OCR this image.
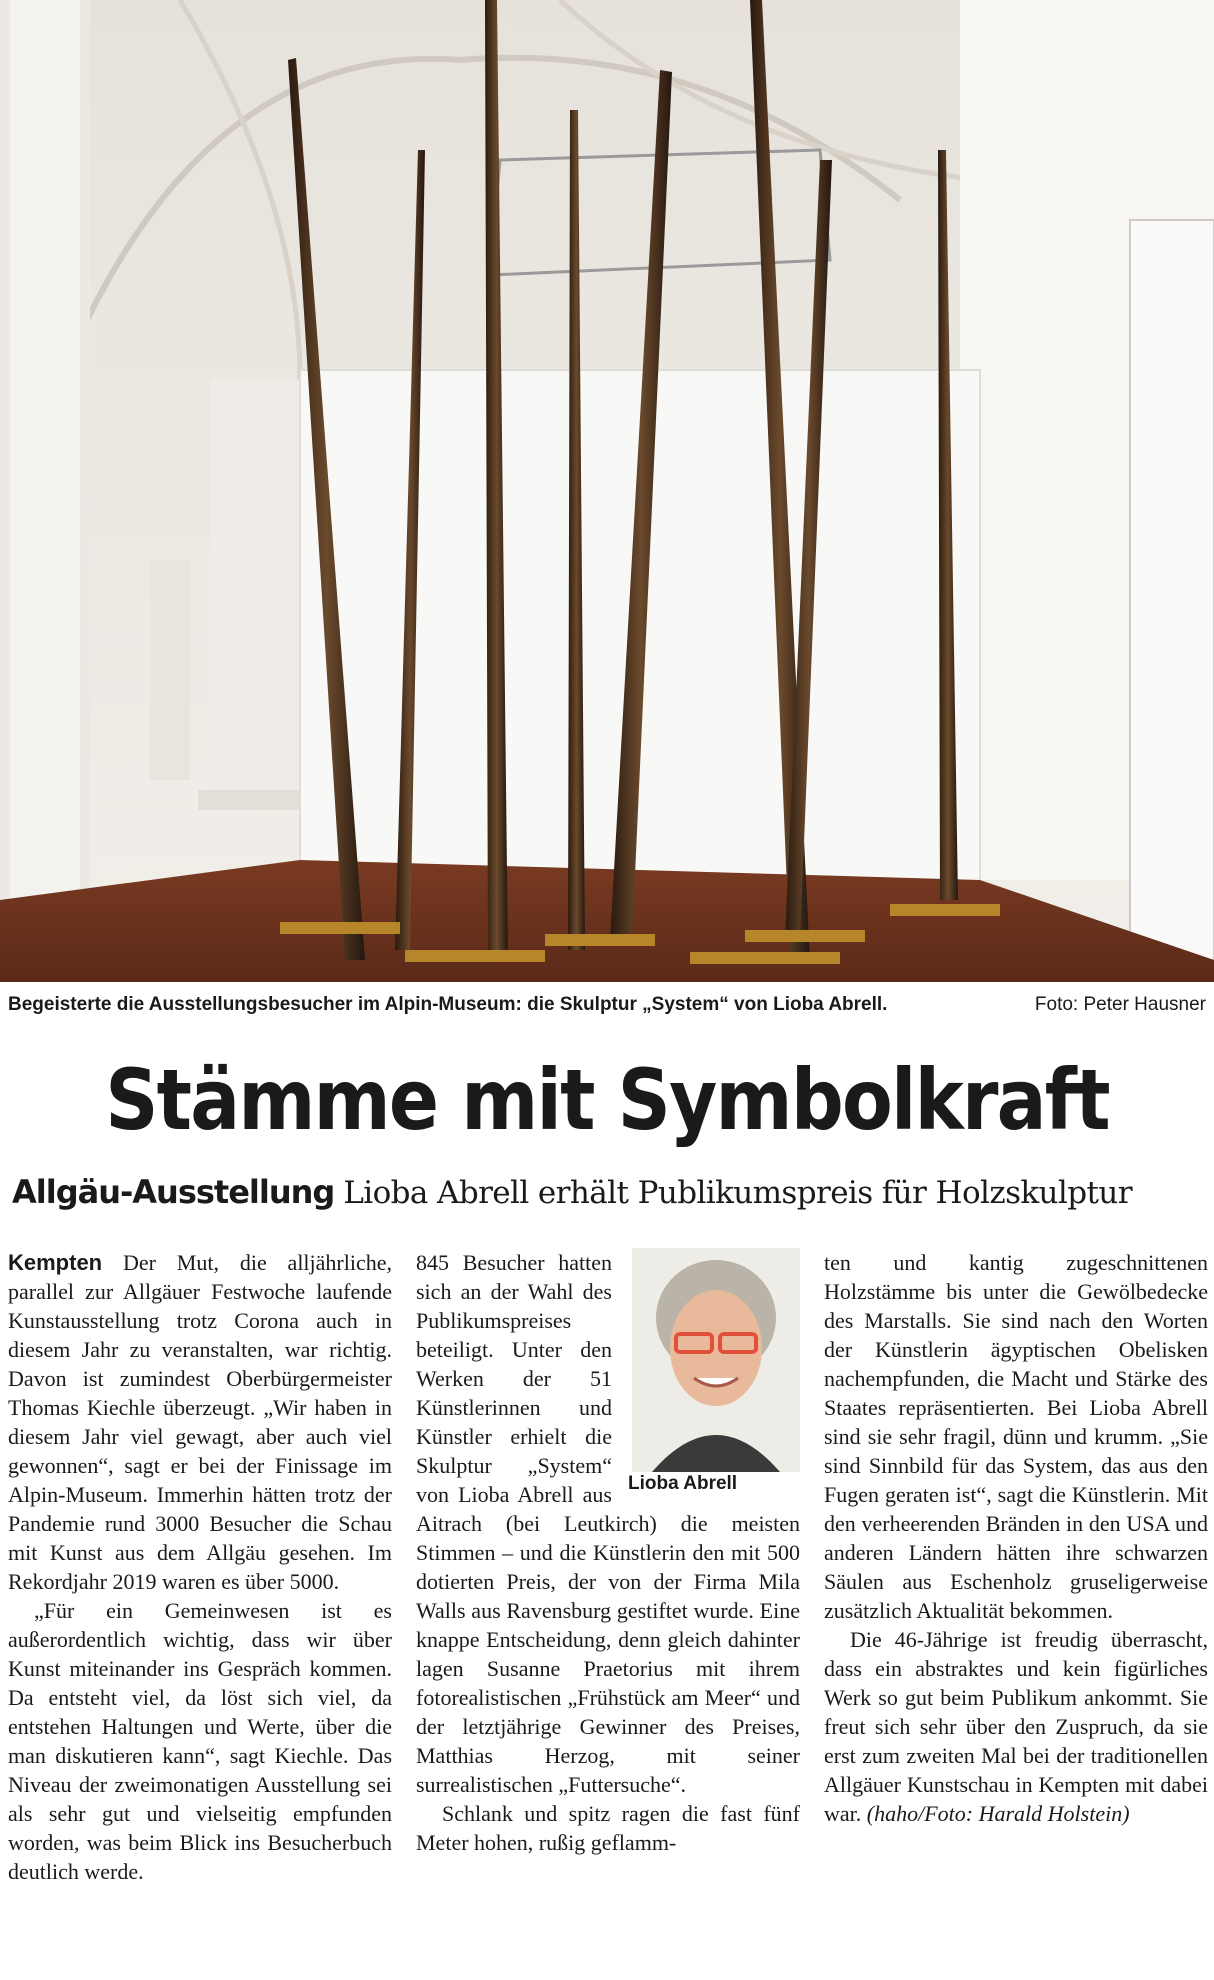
Begeisterte die Ausstellungsbesucher im Alpin-Museum: die Skulptur „System“ von Lioba Abrell.	Foto: Peter Hausner
Stämme mit Symbolkraft
Allgäu-Ausstellung Lioba Abrell erhält Publikumspreis für Holzskulptur

Kempten Der Mut, die alljährliche, parallel zur Allgäuer Festwoche laufende Kunstausstellung trotz Corona auch in diesem Jahr zu veranstalten, war richtig. Davon ist zumindest Oberbürgermeister Thomas Kiechle überzeugt. „Wir haben in diesem Jahr viel gewagt, aber auch viel gewonnen“, sagt er bei der Finissage im Alpin-Museum. Immerhin hätten trotz der Pandemie rund 3000 Besucher die Schau mit Kunst aus dem Allgäu gesehen. Im Rekordjahr 2019 waren es über 5000.

„Für ein Gemeinwesen ist es außerordentlich wichtig, dass wir über Kunst miteinander ins Gespräch kommen. Da entsteht viel, da löst sich viel, da entstehen Haltungen und Werte, über die man diskutieren kann“, sagt Kiechle. Das Niveau der zweimonatigen Ausstellung sei als sehr gut und vielseitig empfunden worden, was beim Blick ins Besucherbuch deutlich werde.

Lioba Abrell
845 Besucher hatten sich an der Wahl des Publikumspreises beteiligt. Unter den Werken der 51 Künstlerinnen und Künstler erhielt die Skulptur „System“ von Lioba Abrell aus Aitrach (bei Leutkirch) die meisten Stimmen – und die Künstlerin den mit 500 dotierten Preis, der von der Firma Mila Walls aus Ravensburg gestiftet wurde. Eine knappe Entscheidung, denn gleich dahinter lagen Susanne Praetorius mit ihrem fotorealistischen „Frühstück am Meer“ und der letztjährige Gewinner des Preises, Matthias Herzog, mit seiner surrealistischen „Futtersuche“.

Schlank und spitz ragen die fast fünf Meter hohen, rußig geflamm-

ten und kantig zugeschnittenen Holzstämme bis unter die Gewölbedecke des Marstalls. Sie sind nach den Worten der Künstlerin ägyptischen Obelisken nachempfunden, die Macht und Stärke des Staates repräsentierten. Bei Lioba Abrell sind sie sehr fragil, dünn und krumm. „Sie sind Sinnbild für das System, das aus den Fugen geraten ist“, sagt die Künstlerin. Mit den verheerenden Bränden in den USA und anderen Ländern hätten ihre schwarzen Säulen aus Eschenholz gruseligerweise zusätzlich Aktualität bekommen.

Die 46-Jährige ist freudig überrascht, dass ein abstraktes und kein figürliches Werk so gut beim Publikum ankommt. Sie freut sich sehr über den Zuspruch, da sie erst zum zweiten Mal bei der traditionellen Allgäuer Kunstschau in Kempten mit dabei war. (haho/Foto: Harald Holstein)
